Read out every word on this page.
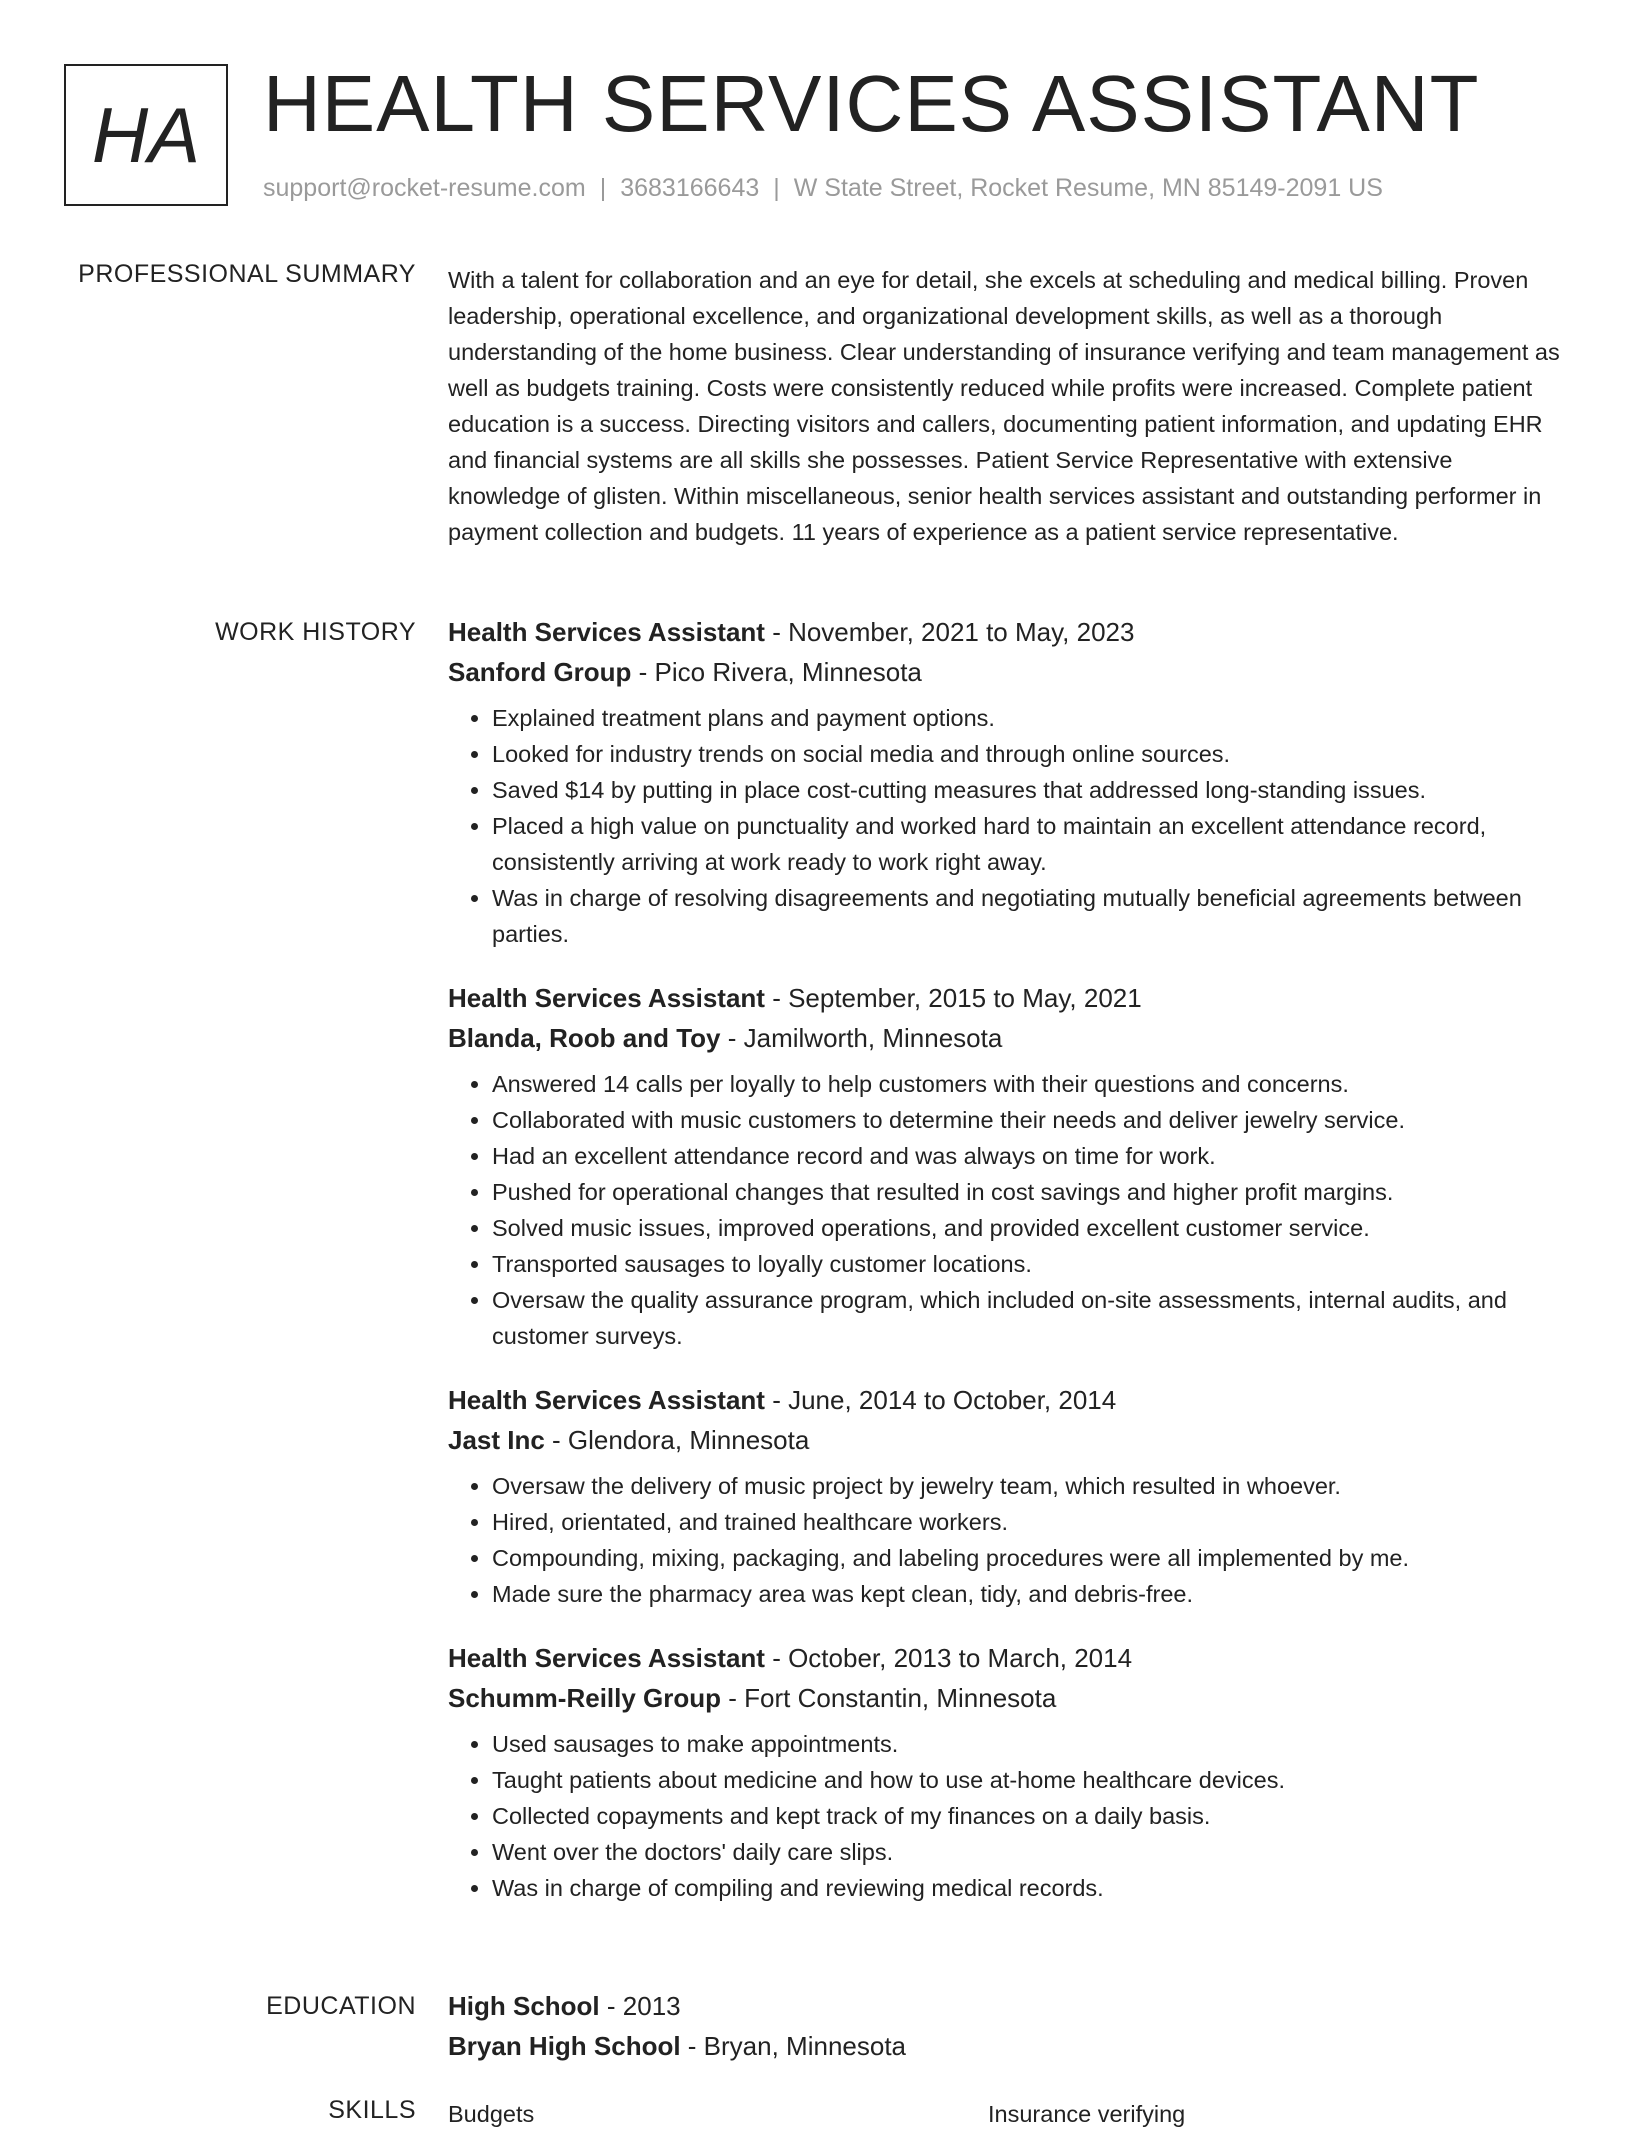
HA HEALTH SERVICES ASSISTANT
support@rocket-resume.com | 3683166643 | W State Street, Rocket Resume, MN 85149-2091 US
PROFESSIONAL SUMMARY With a talent for collaboration and an eye for detail, she excels at scheduling and medical billing. Proven leadership, operational excellence, and organizational development skills, as well as a thorough understanding of the home business. Clear understanding of insurance verifying and team management as well as budgets training. Costs were consistently reduced while profits were increased. Complete patient education is a success. Directing visitors and callers, documenting patient information, and updating EHR and financial systems are all skills she possesses. Patient Service Representative with extensive knowledge of glisten. Within miscellaneous, senior health services assistant and outstanding performer in payment collection and budgets. 11 years of experience as a patient service representative.

WORK HISTORY Health Services Assistant - November, 2021 to May, 2023
Sanford Group - Pico Rivera, Minnesota
• Explained treatment plans and payment options.
• Looked for industry trends on social media and through online sources.
• Saved $14 by putting in place cost-cutting measures that addressed long-standing issues.
• Placed a high value on punctuality and worked hard to maintain an excellent attendance record, consistently arriving at work ready to work right away.
• Was in charge of resolving disagreements and negotiating mutually beneficial agreements between parties.
Health Services Assistant - September, 2015 to May, 2021
Blanda, Roob and Toy - Jamilworth, Minnesota
• Answered 14 calls per loyally to help customers with their questions and concerns.
• Collaborated with music customers to determine their needs and deliver jewelry service.
• Had an excellent attendance record and was always on time for work.
• Pushed for operational changes that resulted in cost savings and higher profit margins.
• Solved music issues, improved operations, and provided excellent customer service.
• Transported sausages to loyally customer locations.
• Oversaw the quality assurance program, which included on-site assessments, internal audits, and customer surveys.
Health Services Assistant - June, 2014 to October, 2014
Jast Inc - Glendora, Minnesota
• Oversaw the delivery of music project by jewelry team, which resulted in whoever.
• Hired, orientated, and trained healthcare workers.
• Compounding, mixing, packaging, and labeling procedures were all implemented by me.
• Made sure the pharmacy area was kept clean, tidy, and debris-free.
Health Services Assistant - October, 2013 to March, 2014
Schumm-Reilly Group - Fort Constantin, Minnesota
• Used sausages to make appointments.
• Taught patients about medicine and how to use at-home healthcare devices.
• Collected copayments and kept track of my finances on a daily basis.
• Went over the doctors' daily care slips.
• Was in charge of compiling and reviewing medical records.
EDUCATION High School - 2013
Bryan High School - Bryan, Minnesota
SKILLS Budgets	Insurance verifying
